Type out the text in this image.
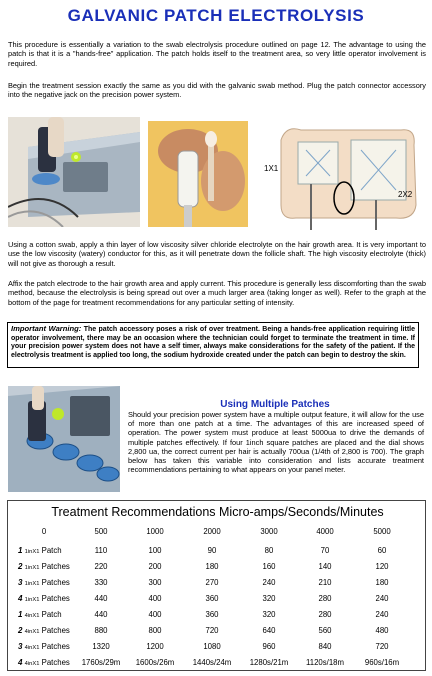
GALVANIC PATCH ELECTROLYSIS
This procedure is essentially a variation to the swab electrolysis procedure outlined on page 12. The advantage to using the patch is that it is a "hands-free" application. The patch holds itself to the treatment area, so very little operator involvement is required.
Begin the treatment session exactly the same as you did with the galvanic swab method. Plug the patch connector accessory into the negative jack on the precision power system.
1X1
2X2
Using a cotton swab, apply a thin layer of low viscosity silver chloride electrolyte on the hair growth area. It is very important to use the low viscosity (watery) conductor for this, as it will penetrate down the follicle shaft. The high viscosity electrolyte (thick) will not give as thorough a result.
Affix the patch electrode to the hair growth area and apply current. This procedure is generally less discomforting than the swab method, because the electrolysis is being spread out over a much larger area (taking longer as well). Refer to the graph at the bottom of the page for treatment recommendations for any particular setting of intensity.
Important Warning: The patch accessory poses a risk of over treatment. Being a hands-free application requiring little operator involvement, there may be an occasion where the technician could forget to terminate the treatment in time. If your precision power system does not have a self timer, always make considerations for the safety of the patient. If the electrolysis treatment is applied too long, the sodium hydroxide created under the patch can begin to destroy the skin.
Using Multiple Patches
Should your precision power system have a multiple output feature, it will allow for the use of more than one patch at a time. The advantages of this are increased speed of operation. The power system must produce at least 5000ua to drive the demands of multiple patches effectively. If four 1inch square patches are placed and the dial shows 2,800 ua, the correct current per hair is actually 700ua (1/4th of 2,800 is 700). The graph below has taken this variable into consideration and lists accurate treatment recommendations pertaining to what appears on your panel meter.
Treatment Recommendations Micro-amps/Seconds/Minutes
0	500	1000	2000	3000	4000	5000
1 1inX1 Patch	110	100	90	80	70	60
2 1inX1 Patches	220	200	180	160	140	120
3 1inX1 Patches	330	300	270	240	210	180
4 1inX1 Patches	440	400	360	320	280	240
1 4inX1 Patch	440	400	360	320	280	240
2 4inX1 Patches	880	800	720	640	560	480
3 4inX1 Patches	1320	1200	1080	960	840	720
4 4inX1 Patches	1760s/29m	1600s/26m	1440s/24m	1280s/21m	1120s/18m	960s/16m
